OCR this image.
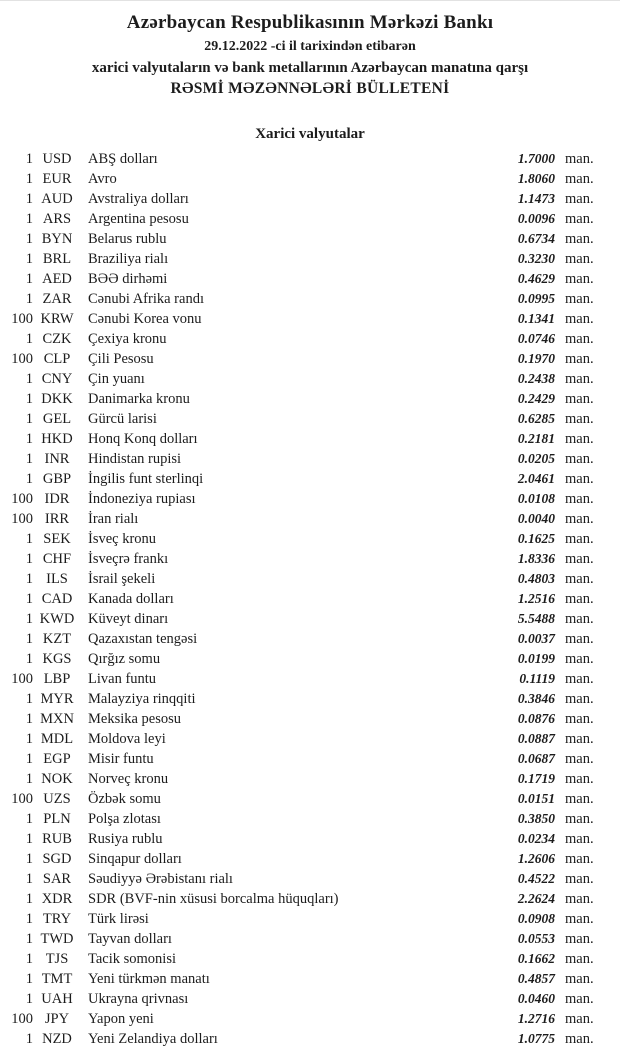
Azərbaycan Respublikasının Mərkəzi Bankı
29.12.2022 -ci il tarixindən etibarən
xarici valyutaların və bank metallarının Azərbaycan manatına qarşı
RƏSMİ MƏZƏNNƏLƏRİ BÜLLETENİ
Xarici valyutalar
1 USD	ABŞ dolları	1.7000 man.
1 EUR	Avro	1.8060 man.
1 AUD Avstraliya dolları	1.1473 man.
1 ARS	Argentina pesosu	0.0096 man.
1 BYN Belarus rublu	0.6734 man.
1 BRL	Braziliya rialı	0.3230 man.
1 AED BƏƏ dirhəmi	0.4629 man.
1 ZAR	Cənubi Afrika randı	0.0995 man.
100 KRW Cənubi Korea vonu	0.1341 man.
1 CZK	Çexiya kronu	0.0746 man.
100 CLP	Çili Pesosu	0.1970 man.
1 CNY Çin yuanı	0.2438 man.
1 DKK Danimarka kronu	0.2429 man.
1 GEL	Gürcü larisi	0.6285 man.
1 HKD Honq Konq dolları	0.2181 man.
1 INR	Hindistan rupisi	0.0205 man.
1 GBP	İngilis funt sterlinqi	2.0461 man.
100 IDR	İndoneziya rupiası	0.0108 man.
100 IRR	İran rialı	0.0040 man.
1 SEK	İsveç kronu	0.1625 man.
1 CHF	İsveçrə frankı	1.8336 man.
1 ILS	İsrail şekeli	0.4803 man.
1 CAD Kanada dolları	1.2516 man.
1 KWD Küveyt dinarı	5.5488 man.
1 KZT	Qazaxıstan tengəsi	0.0037 man.
1 KGS	Qırğız somu	0.0199 man.
100 LBP	Livan funtu	0.1119 man.
1 MYR Malayziya rinqqiti	0.3846 man.
1 MXN Meksika pesosu	0.0876 man.
1 MDL Moldova leyi	0.0887 man.
1 EGP	Misir funtu	0.0687 man.
1 NOK Norveç kronu	0.1719 man.
100 UZS	Özbək somu	0.0151 man.
1 PLN	Polşa zlotası	0.3850 man.
1 RUB Rusiya rublu	0.0234 man.
1 SGD	Sinqapur dolları	1.2606 man.
1 SAR	Səudiyyə Ərəbistanı rialı	0.4522 man.
1 XDR SDR (BVF-nin xüsusi borcalma hüquqları)	2.2624 man.
1 TRY	Türk lirəsi	0.0908 man.
1 TWD Tayvan dolları	0.0553 man.
1 TJS	Tacik somonisi	0.1662 man.
1 TMT Yeni türkmən manatı	0.4857 man.
1 UAH Ukrayna qrivnası	0.0460 man.
100 JPY	Yapon yeni	1.2716 man.
1 NZD Yeni Zelandiya dolları	1.0775 man.
